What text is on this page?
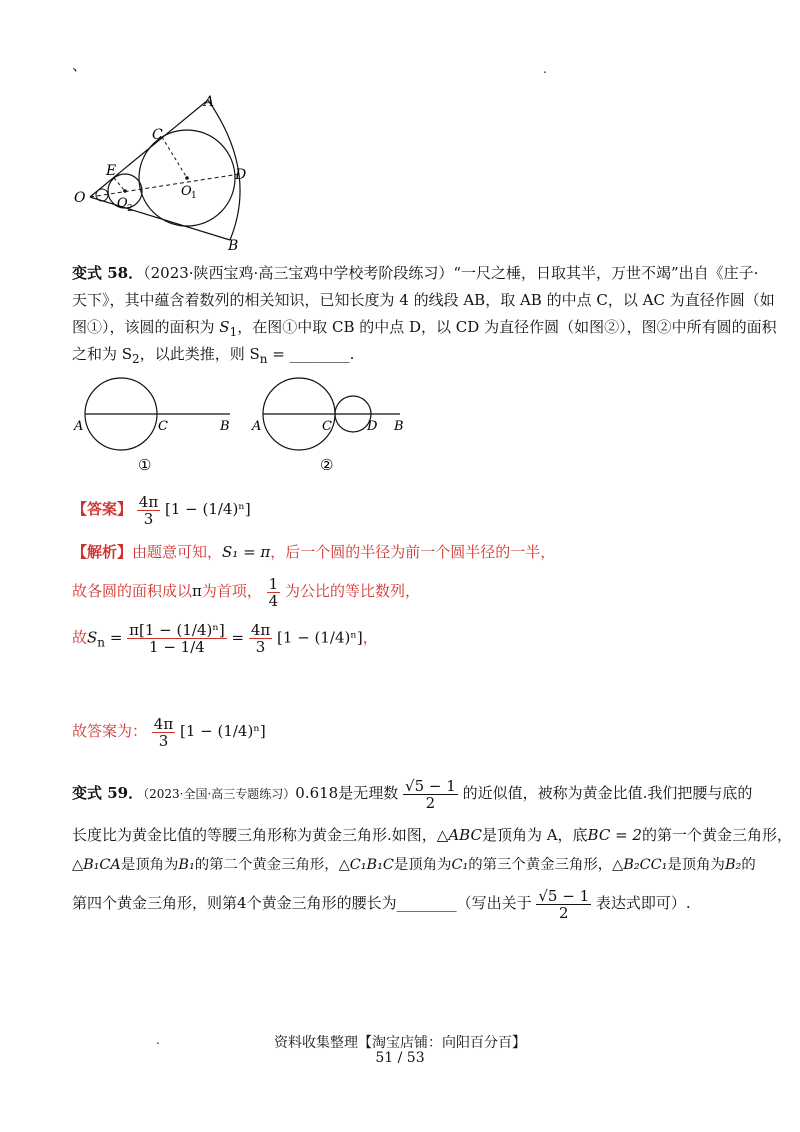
、	.
A
C
E
O O 2
O 1
D
B
变式 58．（2023·陕西宝鸡·高三宝鸡中学校考阶段练习）“一尺之棰，日取其半，万世不竭”出自《庄子·
天下》，其中蕴含着数列的相关知识，已知长度为 4 的线段 AB，取 AB 的中点 C，以 AC 为直径作圆（如
图①），该圆的面积为 $S_1$，在图①中取 CB 的中点 D，以 CD 为直径作圆（如图②），图②中所有圆的面积
之和为 $S_2$，以此类推，则 $S_n$ = ________.
A	C	B
①
A	C	D B
②
【答案】 $\frac{4\pi}{3} [1 - (1/4)^n]$
【解析】由题意可知，S₁ = π，后一个圆的半径为前一个圆半径的一半，
故各圆的面积成以π为首项， $\frac{1}{4}$ 为公比的等比数列，
故$S_n = \frac{\text{π[1 − (1/4)ⁿ]}}{1 - 1/4} = \frac{4\pi}{3} [1 - (1/4)^n]$，
故答案为： $\frac{4\pi}{3} [1 - (1/4)^n]$
变式 59．（2023·全国·高三专题练习）0.618是无理数 $\frac{√5 - 1}{2}$ 的近似值，被称为黄金比值.我们把腰与底的
长度比为黄金比值的等腰三角形称为黄金三角形.如图，△ABC是顶角为 A，底BC = 2的第一个黄金三角形，
△B₁CA是顶角为B₁的第二个黄金三角形，△C₁B₁C是顶角为C₁的第三个黄金三角形，△B₂CC₁是顶角为B₂的
第四个黄金三角形，则第4个黄金三角形的腰长为________（写出关于 $\frac{√5 - 1}{2}$ 表达式即可）.
.	资料收集整理【淘宝店铺：向阳百分百】
51 / 53
